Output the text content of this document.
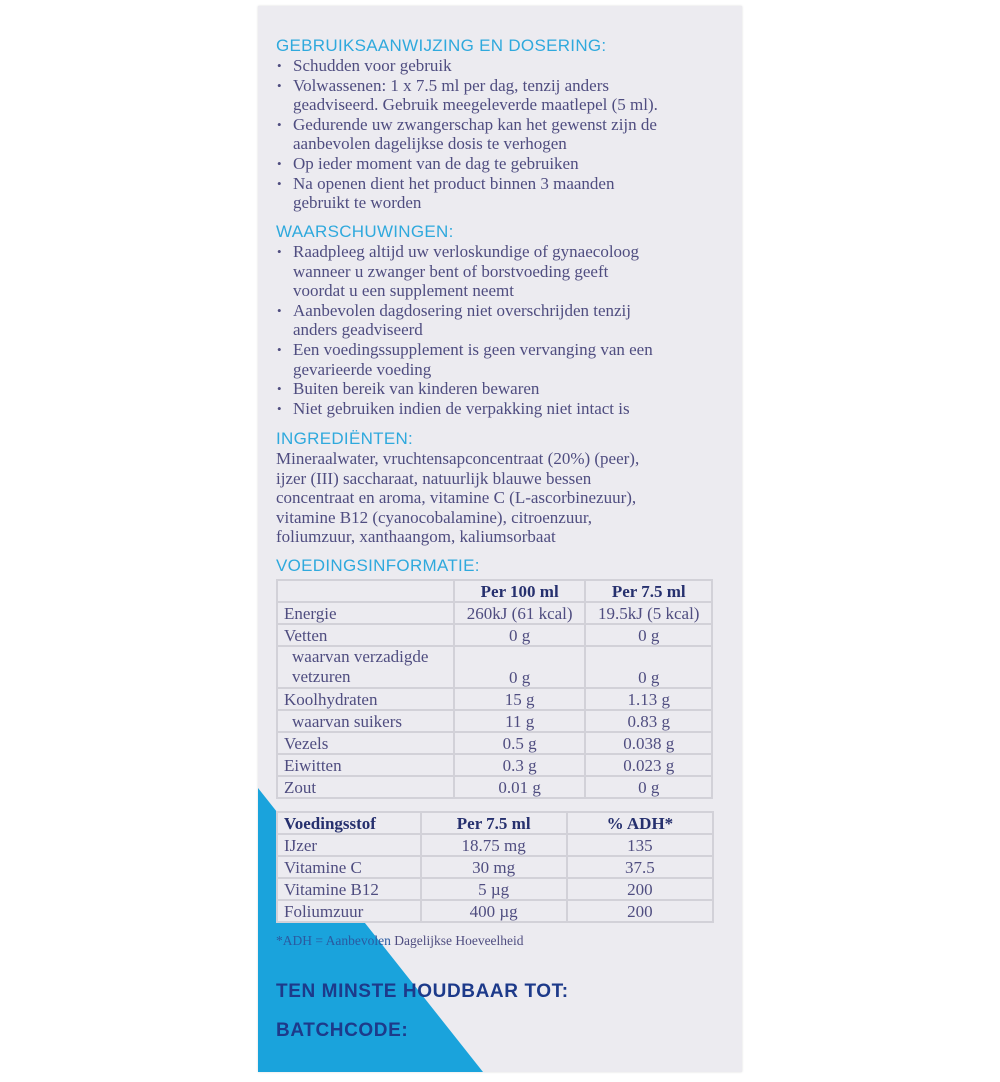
GEBRUIKSAANWIJZING EN DOSERING:
• Schudden voor gebruik
• Volwassenen: 1 x 7.5 ml per dag, tenzij anders
geadviseerd. Gebruik meegeleverde maatlepel (5 ml).
• Gedurende uw zwangerschap kan het gewenst zijn de
aanbevolen dagelijkse dosis te verhogen
• Op ieder moment van de dag te gebruiken
• Na openen dient het product binnen 3 maanden
gebruikt te worden
WAARSCHUWINGEN:
• Raadpleeg altijd uw verloskundige of gynaecoloog
wanneer u zwanger bent of borstvoeding geeft
voordat u een supplement neemt
• Aanbevolen dagdosering niet overschrijden tenzij
anders geadviseerd
• Een voedingssupplement is geen vervanging van een
gevarieerde voeding
• Buiten bereik van kinderen bewaren
• Niet gebruiken indien de verpakking niet intact is
INGREDIËNTEN:
Mineraalwater, vruchtensapconcentraat (20%) (peer),
ijzer (III) saccharaat, natuurlijk blauwe bessen
concentraat en aroma, vitamine C (L-ascorbinezuur),
vitamine B12 (cyanocobalamine), citroenzuur,
foliumzuur, xanthaangom, kaliumsorbaat
VOEDINGSINFORMATIE:
	Per 100 ml	Per 7.5 ml
Energie	260kJ (61 kcal)	19.5kJ (5 kcal)
Vetten	0 g	0 g
waarvan verzadigde vetzuren	0 g	0 g
Koolhydraten	15 g	1.13 g
waarvan suikers	11 g	0.83 g
Vezels	0.5 g	0.038 g
Eiwitten	0.3 g	0.023 g
Zout	0.01 g	0 g
Voedingsstof	Per 7.5 ml	% ADH*
IJzer	18.75 mg	135
Vitamine C	30 mg	37.5
Vitamine B12	5 µg	200
Foliumzuur	400 µg	200
*ADH = Aanbevolen Dagelijkse Hoeveelheid
TEN MINSTE HOUDBAAR TOT:
BATCHCODE:
